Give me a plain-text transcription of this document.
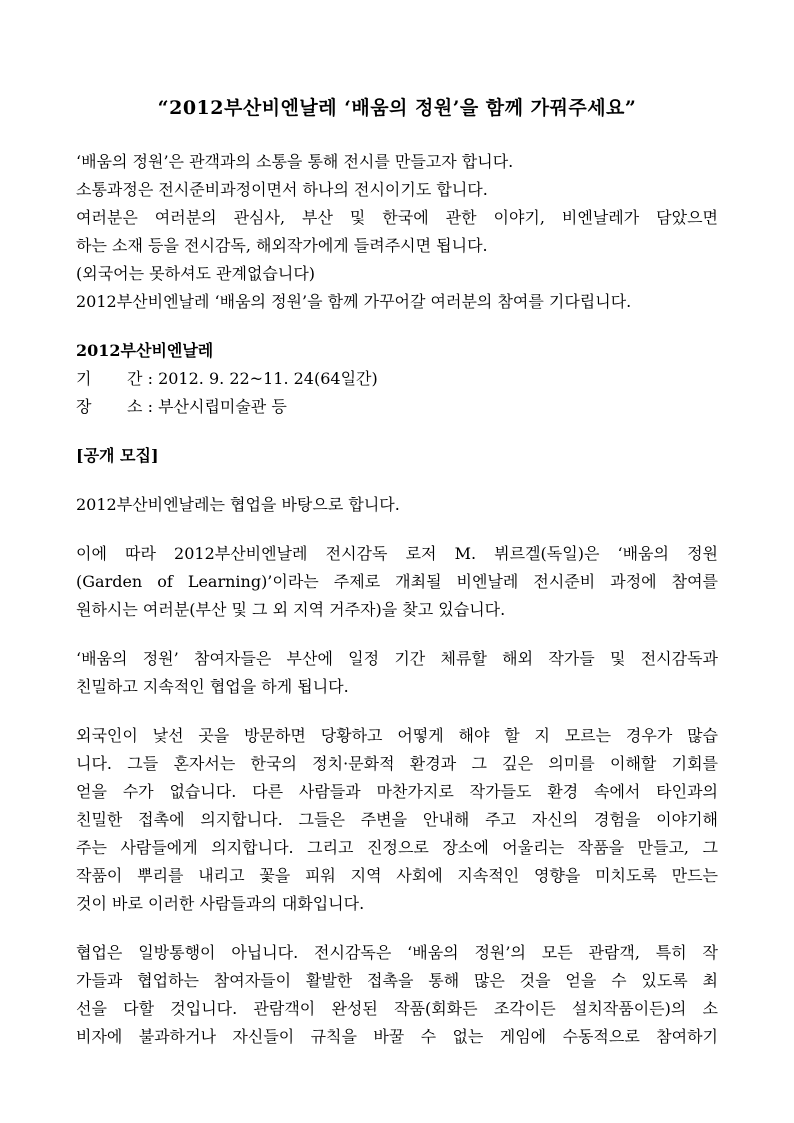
“2012부산비엔날레 ‘배움의 정원’을 함께 가꿔주세요”
‘배움의 정원’은 관객과의 소통을 통해 전시를 만들고자 합니다.
소통과정은 전시준비과정이면서 하나의 전시이기도 합니다.
여러분은 여러분의 관심사, 부산 및 한국에 관한 이야기, 비엔날레가 담았으면
하는 소재 등을 전시감독, 해외작가에게 들려주시면 됩니다.
(외국어는 못하셔도 관계없습니다)
2012부산비엔날레 ‘배움의 정원’을 함께 가꾸어갈 여러분의 참여를 기다립니다.
2012부산비엔날레
기       간 : 2012. 9. 22~11. 24(64일간)
장       소 : 부산시립미술관 등
[공개 모집]
2012부산비엔날레는 협업을 바탕으로 합니다.
이에 따라 2012부산비엔날레 전시감독 로저 M. 뷔르겔(독일)은 ‘배움의 정원
(Garden of Learning)’이라는 주제로 개최될 비엔날레 전시준비 과정에 참여를
원하시는 여러분(부산 및 그 외 지역 거주자)을 찾고 있습니다.
‘배움의 정원’ 참여자들은 부산에 일정 기간 체류할 해외 작가들 및 전시감독과
친밀하고 지속적인 협업을 하게 됩니다.
외국인이 낯선 곳을 방문하면 당황하고 어떻게 해야 할 지 모르는 경우가 많습
니다. 그들 혼자서는 한국의 정치·문화적 환경과 그 깊은 의미를 이해할 기회를
얻을 수가 없습니다. 다른 사람들과 마찬가지로 작가들도 환경 속에서 타인과의
친밀한 접촉에 의지합니다. 그들은 주변을 안내해 주고 자신의 경험을 이야기해
주는 사람들에게 의지합니다. 그리고 진정으로 장소에 어울리는 작품을 만들고, 그
작품이 뿌리를 내리고 꽃을 피워 지역 사회에 지속적인 영향을 미치도록 만드는
것이 바로 이러한 사람들과의 대화입니다.
협업은 일방통행이 아닙니다. 전시감독은 ‘배움의 정원’의 모든 관람객, 특히 작
가들과 협업하는 참여자들이 활발한 접촉을 통해 많은 것을 얻을 수 있도록 최
선을 다할 것입니다. 관람객이 완성된 작품(회화든 조각이든 설치작품이든)의 소
비자에 불과하거나 자신들이 규칙을 바꿀 수 없는 게임에 수동적으로 참여하기
